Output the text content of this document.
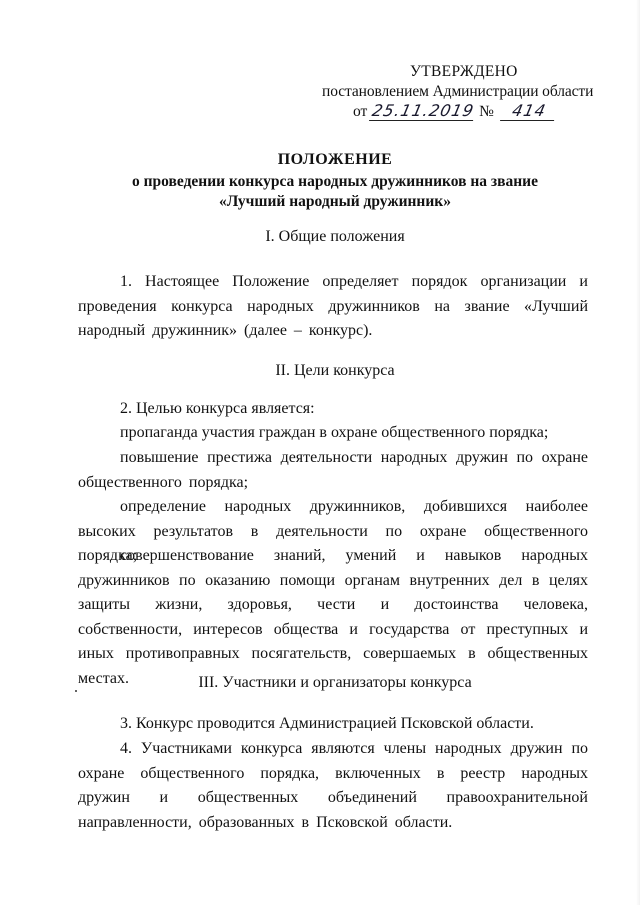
УТВЕРЖДЕНО
постановлением Администрации области
от 25.11.2019 № 414
ПОЛОЖЕНИЕ
о проведении конкурса народных дружинников на звание «Лучший народный дружинник»
I. Общие положения
1. Настоящее Положение определяет порядок организации и проведения конкурса народных дружинников на звание «Лучший народный дружинник» (далее – конкурс).
II. Цели конкурса
2. Целью конкурса является:
пропаганда участия граждан в охране общественного порядка;
повышение престижа деятельности народных дружин по охране общественного порядка;
определение народных дружинников, добившихся наиболее высоких результатов в деятельности по охране общественного порядка;
совершенствование знаний, умений и навыков народных дружинников по оказанию помощи органам внутренних дел в целях защиты жизни, здоровья, чести и достоинства человека, собственности, интересов общества и государства от преступных и иных противоправных посягательств, совершаемых в общественных местах.	III. Участники и организаторы конкурса
3. Конкурс проводится Администрацией Псковской области.
4. Участниками конкурса являются члены народных дружин по охране общественного порядка, включенных в реестр народных дружин и общественных объединений правоохранительной направленности, образованных в Псковской области.
